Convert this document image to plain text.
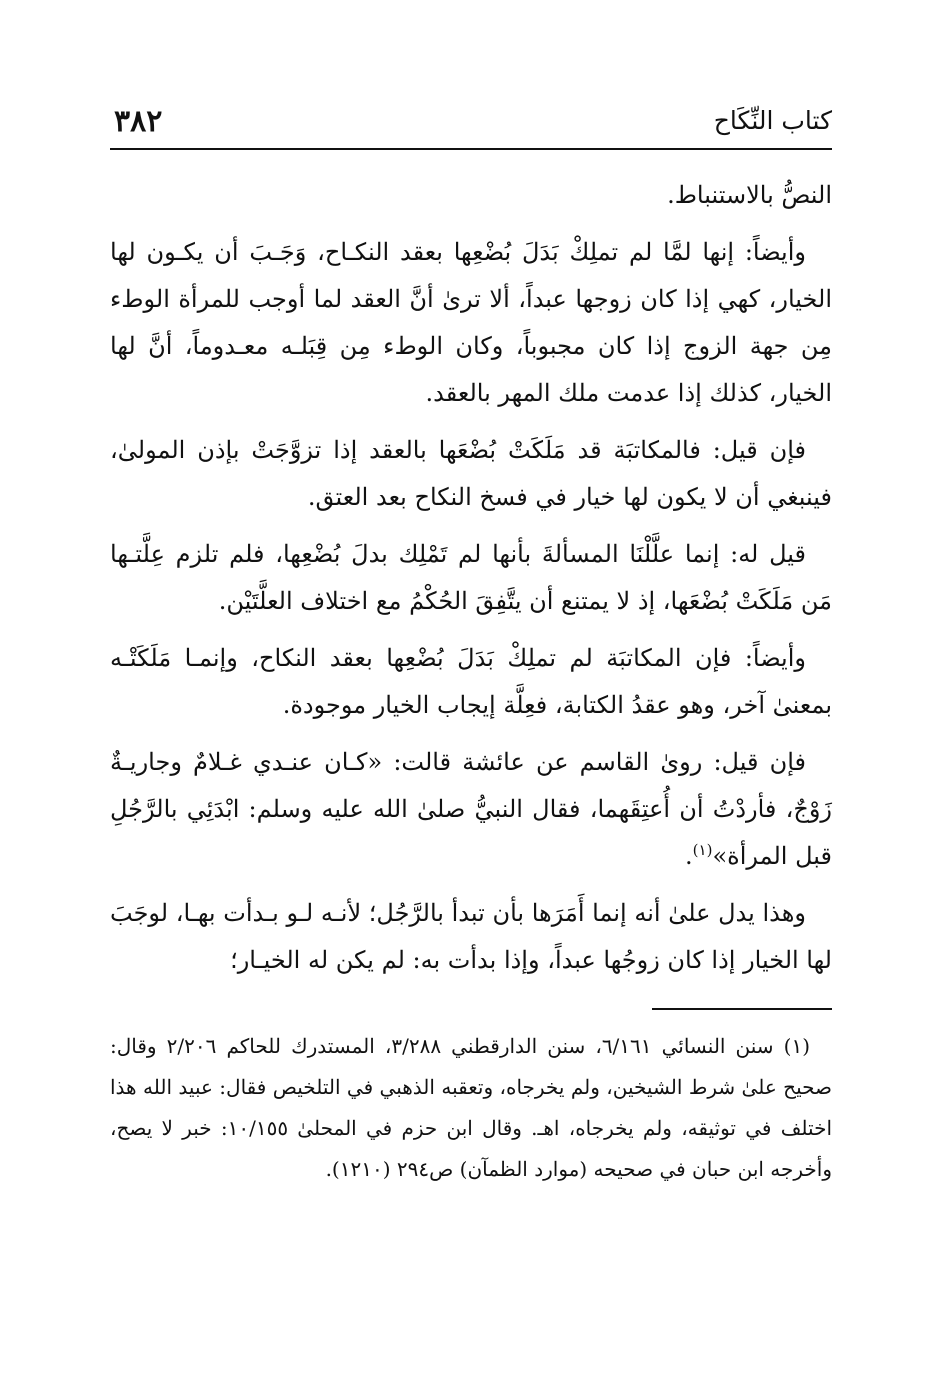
كتاب النِّكَاح
٣٨٢

النصُّ بالاستنباط.

وأيضاً: إنها لمَّا لم تملِكْ بَدَلَ بُضْعِها بعقد النكـاح، وَجَـبَ أن يكـون لها الخيار، كهي إذا كان زوجها عبداً، ألا ترىٰ أنَّ العقد لما أوجب للمرأة الوطء مِن جهة الزوج إذا كان مجبوباً، وكان الوطء مِن قِبَلـه معـدوماً، أنَّ لها الخيار، كذلك إذا عدمت ملك المهر بالعقد.

فإن قيل: فالمكاتبَة قد مَلَكَتْ بُضْعَها بالعقد إذا تزوَّجَتْ بإذن المولىٰ، فينبغي أن لا يكون لها خيار في فسخ النكاح بعد العتق.

قيل له: إنما علَّلْنَا المسألةَ بأنها لم تَمْلِك بدلَ بُضْعِها، فلم تلزم عِلَّتـها مَن مَلَكَتْ بُضْعَها، إذ لا يمتنع أن يتَّفِقَ الحُكْمُ مع اختلاف العلَّتَيْن.

وأيضاً: فإن المكاتبَة لم تملِكْ بَدَلَ بُضْعِها بعقد النكاح، وإنمـا مَلَكَتْـه بمعنىٰ آخر، وهو عقدُ الكتابة، فعِلَّة إيجاب الخيار موجودة.

فإن قيل: رویٰ القاسم عن عائشة قالت: «كـان عنـدي غـلامٌ وجاريـةٌ زَوْجٌ، فأردْتُ أن أُعتِقَهما، فقال النبيُّ صلىٰ الله عليه وسلم: ابْدَئِي بالرَّجُلِ قبل المرأة»$^{(١)}$.

وهذا يدل علىٰ أنه إنما أَمَرَها بأن تبدأ بالرَّجُل؛ لأنـه لـو بـدأت بهـا، لوجَبَ لها الخيار إذا كان زوجُها عبداً، وإذا بدأت به: لم يكن له الخيـار؛

(١) سنن النسائي ٦/١٦١، سنن الدارقطني ٣/٢٨٨، المستدرك للحاكم ٢/٢٠٦ وقال: صحيح علىٰ شرط الشيخين، ولم يخرجاه، وتعقبه الذهبي في التلخيص فقال: عبيد الله هذا اختلف في توثيقه، ولم يخرجاه، اهـ. وقال ابن حزم في المحلىٰ ١٠/١٥٥: خبر لا يصح، وأخرجه ابن حبان في صحيحه (موارد الظمآن) ص٢٩٤ (١٢١٠).
